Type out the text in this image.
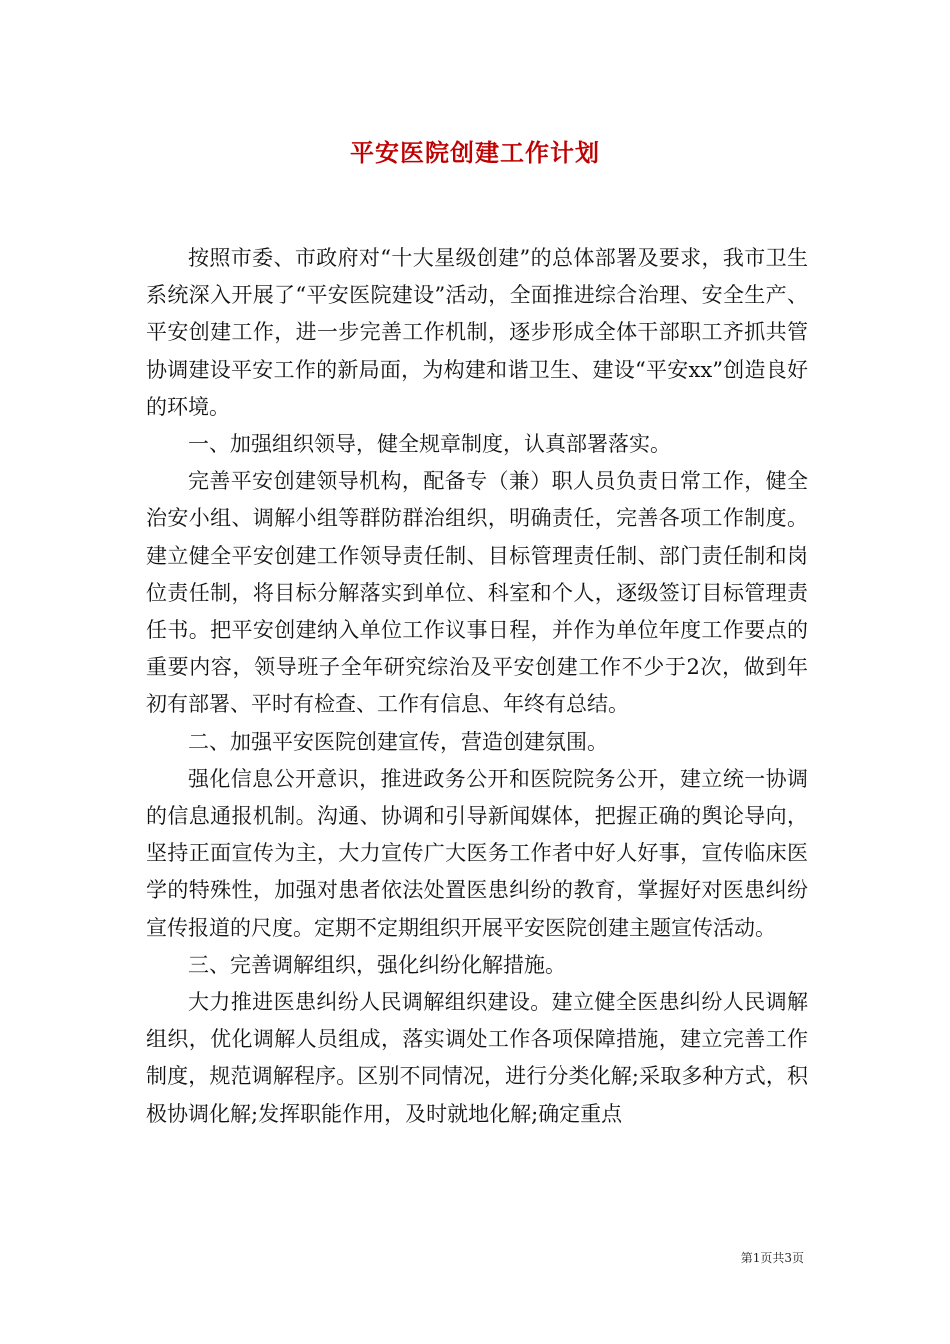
平安医院创建工作计划

按照市委、市政府对“十大星级创建”的总体部署及要求，我市卫生系统深入开展了“平安医院建设”活动，全面推进综合治理、安全生产、平安创建工作，进一步完善工作机制，逐步形成全体干部职工齐抓共管协调建设平安工作的新局面，为构建和谐卫生、建设“平安xx”创造良好的环境。

一、加强组织领导，健全规章制度，认真部署落实。

完善平安创建领导机构，配备专（兼）职人员负责日常工作，健全治安小组、调解小组等群防群治组织，明确责任，完善各项工作制度。建立健全平安创建工作领导责任制、目标管理责任制、部门责任制和岗位责任制，将目标分解落实到单位、科室和个人，逐级签订目标管理责任书。把平安创建纳入单位工作议事日程，并作为单位年度工作要点的重要内容，领导班子全年研究综治及平安创建工作不少于2次，做到年初有部署、平时有检查、工作有信息、年终有总结。

二、加强平安医院创建宣传，营造创建氛围。

强化信息公开意识，推进政务公开和医院院务公开，建立统一协调的信息通报机制。沟通、协调和引导新闻媒体，把握正确的舆论导向，坚持正面宣传为主，大力宣传广大医务工作者中好人好事，宣传临床医学的特殊性，加强对患者依法处置医患纠纷的教育，掌握好对医患纠纷宣传报道的尺度。定期不定期组织开展平安医院创建主题宣传活动。

三、完善调解组织，强化纠纷化解措施。

大力推进医患纠纷人民调解组织建设。建立健全医患纠纷人民调解组织，优化调解人员组成，落实调处工作各项保障措施，建立完善工作制度，规范调解程序。区别不同情况，进行分类化解;采取多种方式，积极协调化解;发挥职能作用，及时就地化解;确定重点

第1页共3页
